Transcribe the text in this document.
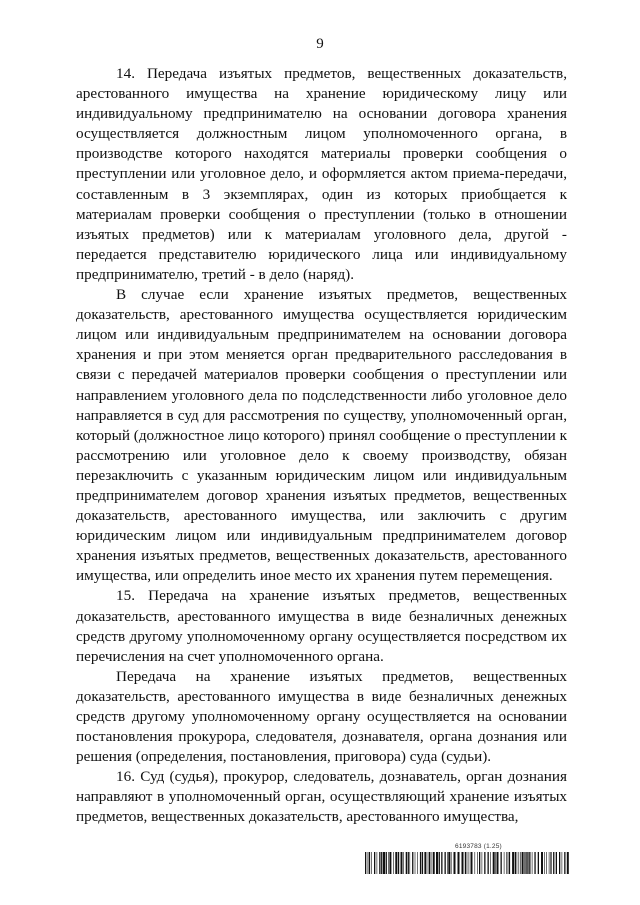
9

14. Передача изъятых предметов, вещественных доказательств, арестованного имущества на хранение юридическому лицу или индивидуальному предпринимателю на основании договора хранения осуществляется должностным лицом уполномоченного органа, в производстве которого находятся материалы проверки сообщения о преступлении или уголовное дело, и оформляется актом приема-передачи, составленным в 3 экземплярах, один из которых приобщается к материалам проверки сообщения о преступлении (только в отношении изъятых предметов) или к материалам уголовного дела, другой - передается представителю юридического лица или индивидуальному предпринимателю, третий - в дело (наряд).

В случае если хранение изъятых предметов, вещественных доказательств, арестованного имущества осуществляется юридическим лицом или индивидуальным предпринимателем на основании договора хранения и при этом меняется орган предварительного расследования в связи с передачей материалов проверки сообщения о преступлении или направлением уголовного дела по подследственности либо уголовное дело направляется в суд для рассмотрения по существу, уполномоченный орган, который (должностное лицо которого) принял сообщение о преступлении к рассмотрению или уголовное дело к своему производству, обязан перезаключить с указанным юридическим лицом или индивидуальным предпринимателем договор хранения изъятых предметов, вещественных доказательств, арестованного имущества, или заключить с другим юридическим лицом или индивидуальным предпринимателем договор хранения изъятых предметов, вещественных доказательств, арестованного имущества, или определить иное место их хранения путем перемещения.

15. Передача на хранение изъятых предметов, вещественных доказательств, арестованного имущества в виде безналичных денежных средств другому уполномоченному органу осуществляется посредством их перечисления на счет уполномоченного органа.

Передача на хранение изъятых предметов, вещественных доказательств, арестованного имущества в виде безналичных денежных средств другому уполномоченному органу осуществляется на основании постановления прокурора, следователя, дознавателя, органа дознания или решения (определения, постановления, приговора) суда (судьи).

16. Суд (судья), прокурор, следователь, дознаватель, орган дознания направляют в уполномоченный орган, осуществляющий хранение изъятых предметов, вещественных доказательств, арестованного имущества,

6193783 (1.25)
